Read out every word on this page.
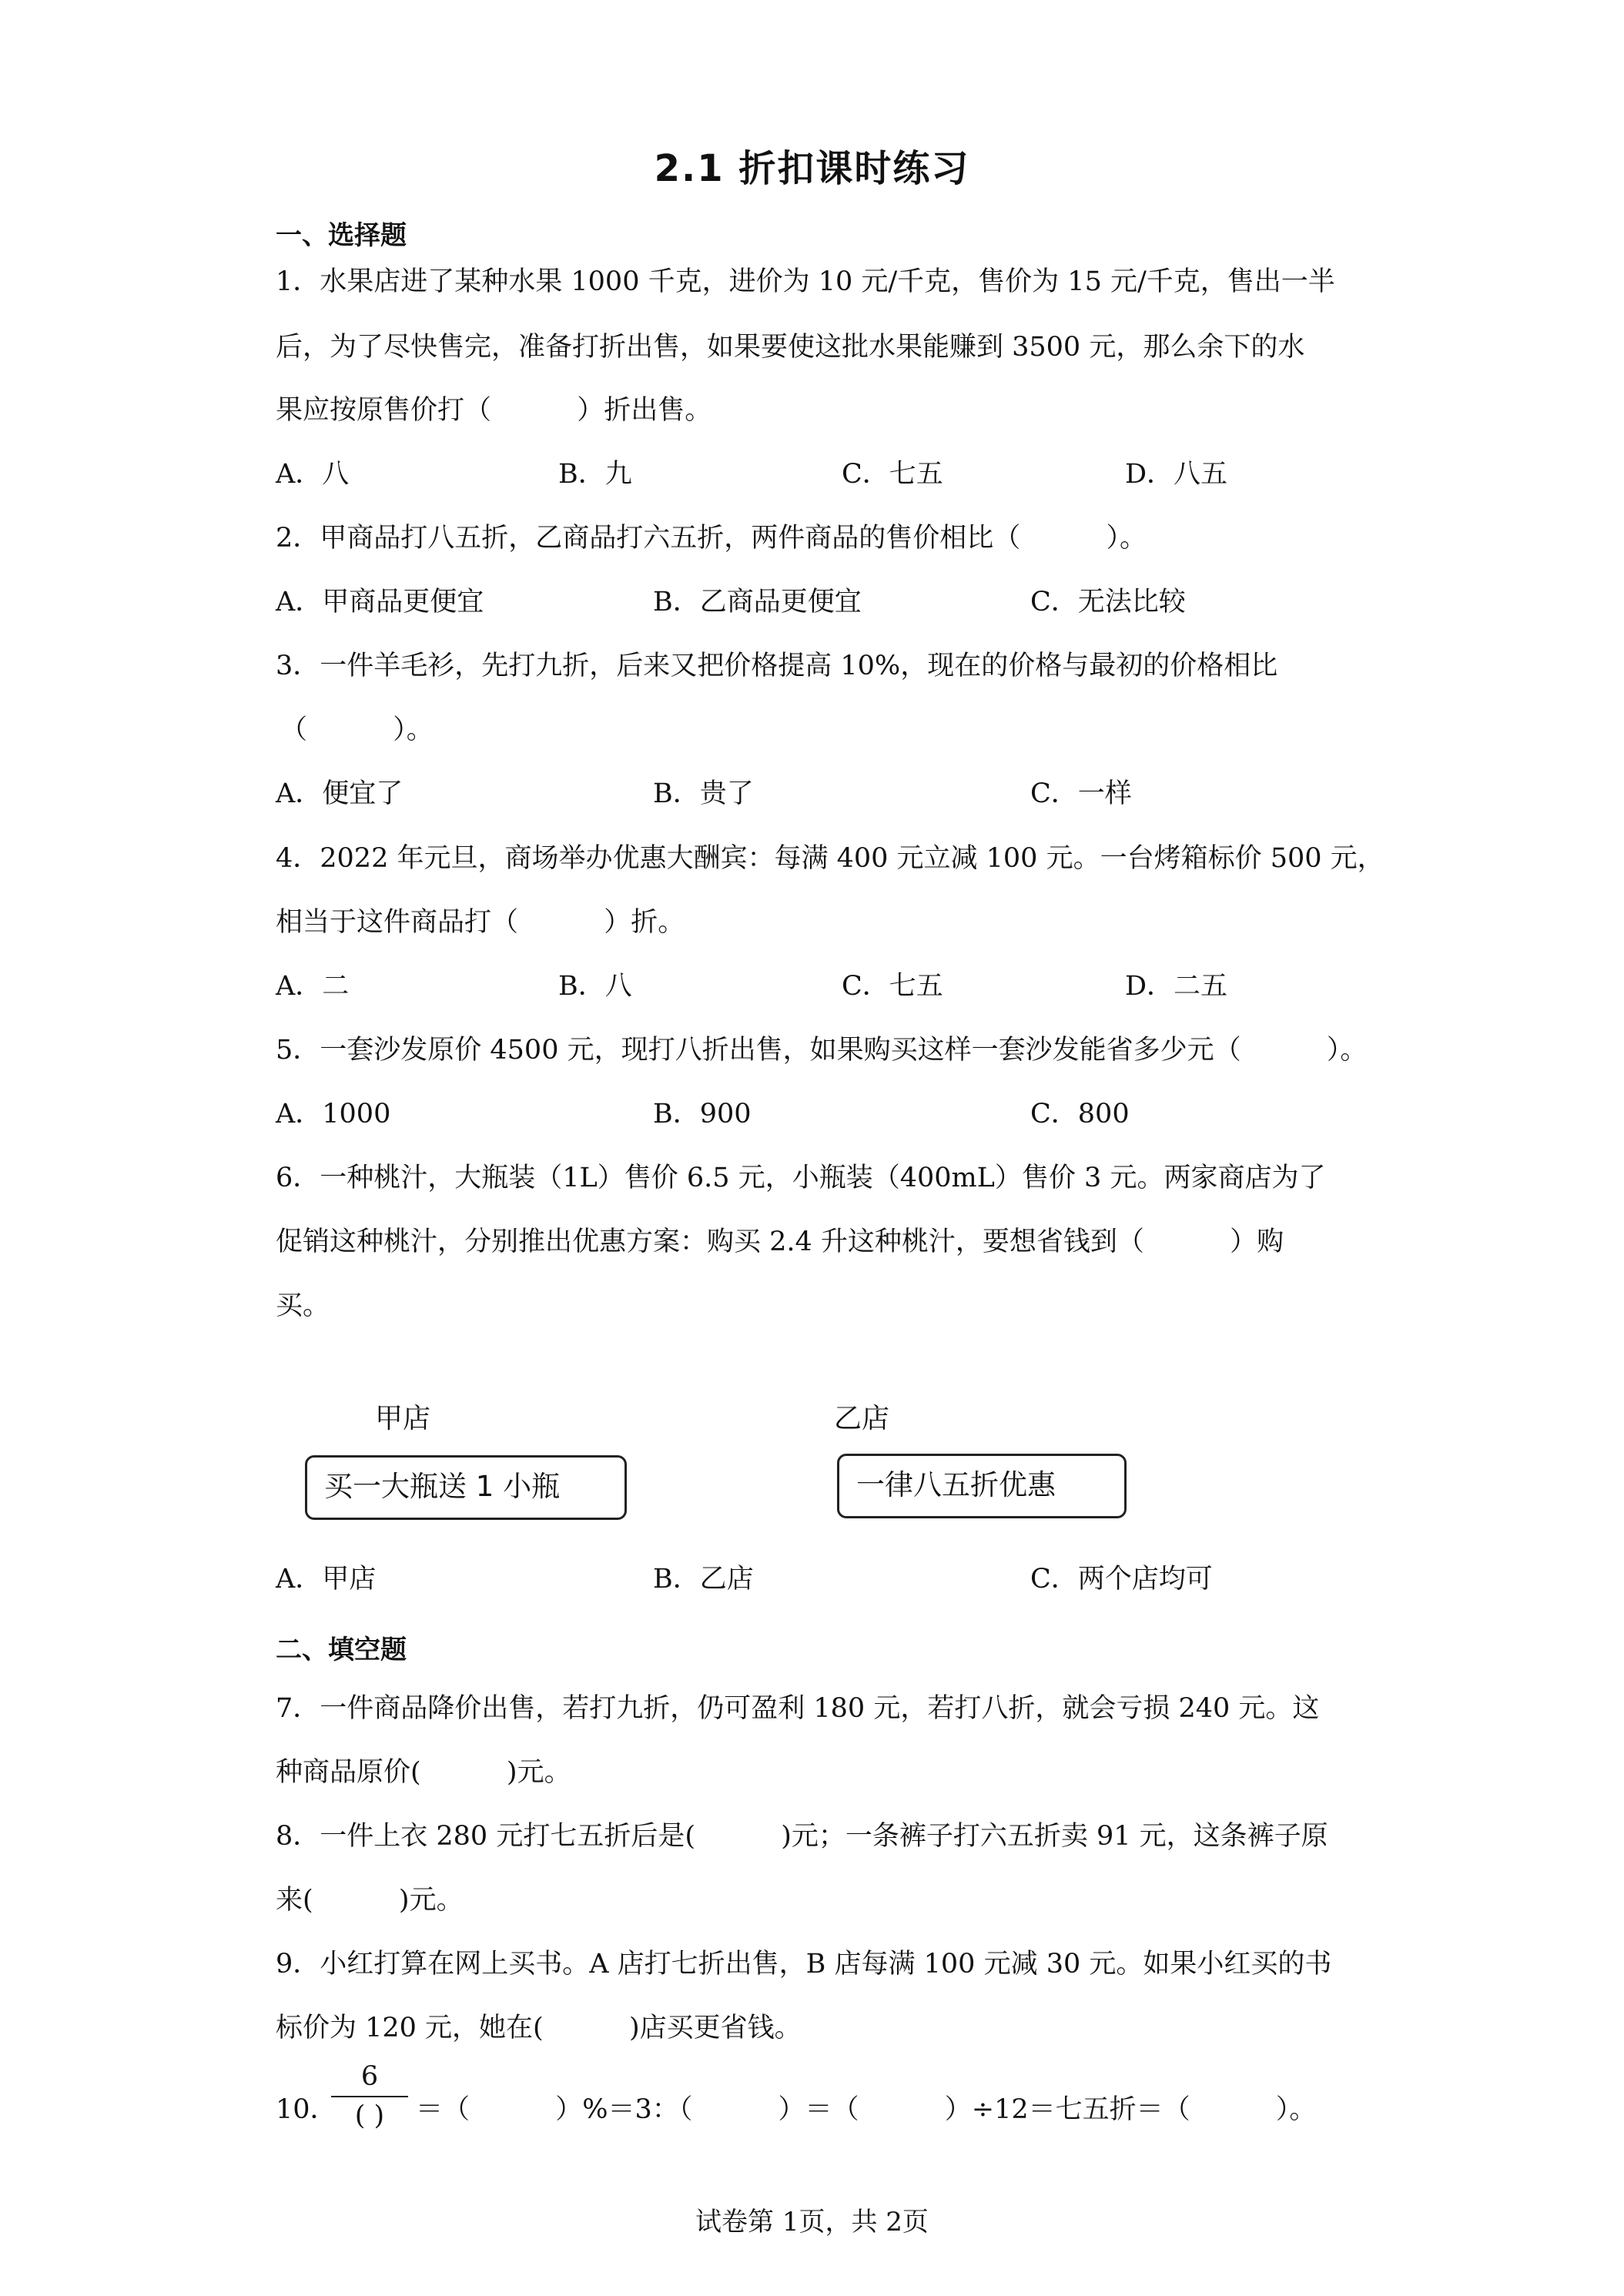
2.1 折扣课时练习
一、选择题
1．水果店进了某种水果 1000 千克，进价为 10 元/千克，售价为 15 元/千克，售出一半
后，为了尽快售完，准备打折出售，如果要使这批水果能赚到 3500 元，那么余下的水
果应按原售价打（          ）折出售。
A．八	B．九	C．七五	D．八五
2．甲商品打八五折，乙商品打六五折，两件商品的售价相比（          ）。
A．甲商品更便宜	B．乙商品更便宜	C．无法比较
3．一件羊毛衫，先打九折，后来又把价格提高 10%，现在的价格与最初的价格相比
（          ）。
A．便宜了	B．贵了	C．一样
4．2022 年元旦，商场举办优惠大酬宾：每满 400 元立减 100 元。一台烤箱标价 500 元，
相当于这件商品打（          ）折。
A．二	B．八	C．七五	D．二五
5．一套沙发原价 4500 元，现打八折出售，如果购买这样一套沙发能省多少元（          ）。
A．1000	B．900	C．800
6．一种桃汁，大瓶装（1L）售价 6.5 元，小瓶装（400mL）售价 3 元。两家商店为了
促销这种桃汁，分别推出优惠方案：购买 2.4 升这种桃汁，要想省钱到（          ）购
买。
甲店
买一大瓶送 1 小瓶
乙店
一律八五折优惠
A．甲店	B．乙店	C．两个店均可
二、填空题
7．一件商品降价出售，若打九折，仍可盈利 180 元，若打八折，就会亏损 240 元。这
种商品原价(          )元。
8．一件上衣 280 元打七五折后是(          )元；一条裤子打六五折卖 91 元，这条裤子原
来(          )元。
9．小红打算在网上买书。A 店打七折出售，B 店每满 100 元减 30 元。如果小红买的书
标价为 120 元，她在(          )店买更省钱。
10．
6
( )	＝（          ）%＝3：（          ）＝（          ）÷12＝七五折＝（          ）。
试卷第 1页，共 2页
